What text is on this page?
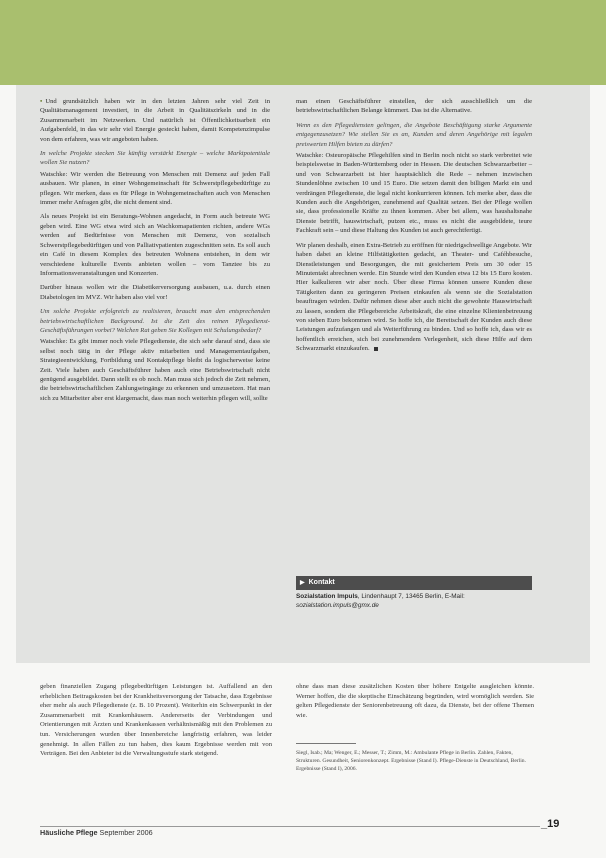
• Und grundsätzlich haben wir in den letzten Jahren sehr viel Zeit in Qualitätsmanagement investiert, in die Arbeit in Qualitätszirkeln und in die Zusammenarbeit im Netzwerken. Und natürlich ist Öffentlichkeitsarbeit ein Aufgabenfeld, in das wir sehr viel Energie gesteckt haben, damit Kompetenzimpulse von dem erfahren, was wir angeboten haben.

In welche Projekte stecken Sie künftig verstärkt Energie – welche Marktpotentiale wollen Sie nutzen?

Watschke: Wir werden die Betreuung von Menschen mit Demenz auf jeden Fall ausbauen. Wir planen, in einer Wohngemeinschaft für Schwerstpflegebedürftige zu pflegen. Wir merken, dass es für Pflege in Wohngemeinschaften auch von Menschen immer mehr Anfragen gibt, die nicht dement sind.

Als neues Projekt ist ein Beratungs-Wohnen angedacht, in Form auch betreute WG geben wird. Eine WG etwa wird sich an Wachkomapatienten richten, andere WGs werden auf Bedürfnisse von Menschen mit Demenz, von sozialisch Schwerstpflegebedürftigen und von Palliativpatienten zugeschnitten sein. Es soll auch ein Café in diesem Komplex des betreuten Wohnens entstehen, in dem wir verschiedene kulturelle Events anbieten wollen – vom Tanztee bis zu Informationsveranstaltungen und Konzerten.

Darüber hinaus wollen wir die Diabetikerversorgung ausbauen, u.a. durch einen Diabetologen im MVZ. Wir haben also viel vor!

Um solche Projekte erfolgreich zu realisieren, braucht man den entsprechenden betriebswirtschaftlichen Background. Ist die Zeit des reinen Pflegedienst-Geschäftsführungen vorbei? Welchen Rat geben Sie Kollegen mit Schulungsbedarf?

Watschke: Es gibt immer noch viele Pflegedienste, die sich sehr darauf sind, dass sie selbst noch tätig in der Pflege aktiv mitarbeiten und Managementaufgaben, Strategieentwicklung, Fortbildung und Kontaktpflege bleibt da logischerweise keine Zeit. Viele haben auch Geschäftsführer haben auch eine Betriebswirtschaft nicht genügend ausgebildet. Dann stellt es ob noch. Man muss sich jedoch die Zeit nehmen, die betriebswirtschaftlichen Zahlungseingänge zu erkennen und umzusetzen. Hat man sich zu Mitarbeiter aber erst klargemacht, dass man noch weiterhin pflegen will, sollte

man einen Geschäftsführer einstellen, der sich ausschließlich um die betriebswirtschaftlichen Belange kümmert. Das ist die Alternative.

Wenn es den Pflegediensten gelingen, die Angebote Beschäftigung starke Argumente entgegenzusetzen? Wie stellen Sie es an, Kunden und deren Angehörige mit legalen preiswerten Hilfen bieten zu dürfen?

Watschke: Osteuropäische Pflegehilfen sind in Berlin noch nicht so stark verbreitet wie beispielsweise in Baden-Württemberg oder in Hessen. Die deutschen Schwarzarbeiter – und von Schwarzarbeit ist hier hauptsächlich die Rede – nehmen inzwischen Stundenlöhne zwischen 10 und 15 Euro. Die setzen damit den billigen Markt ein und verdrängen Pflegedienste, die legal nicht konkurrieren können. Ich merke aber, dass die Kunden auch die Angehörigen, zunehmend auf Qualität setzen. Bei der Pflege wollen sie, dass professionelle Kräfte zu ihnen kommen. Aber bei allem, was haushaltsnahe Dienste betrifft, hauswirtschaft, putzen etc., muss es nicht die ausgebildete, teure Fachkraft sein – und diese Haltung des Kunden ist auch gerechtfertigt.

Wir planen deshalb, einen Extra-Betrieb zu eröffnen für niedrigschwellige Angebote. Wir haben dabei an kleine Hilfstätigkeiten gedacht, an Theater- und Caféhbesuche, Dienstleistungen und Besorgungen, die mit gesichertem Preis um 30 oder 15 Minutentakt abrechnen werde. Ein Stunde wird den Kunden etwa 12 bis 15 Euro kosten. Hier kalkulieren wir aber noch. Über diese Firma können unsere Kunden diese Tätigkeiten dann zu geringeren Preisen einkaufen als wenn sie die Sozialstation beauftragen würden. Dafür nehmen diese aber auch nicht die gewohnte Hauswirtschaft zu lassen, sondern die Pflegebereiche Arbeitskraft, die eine einzelne Klientenbetreuung von sieben Euro bekommen wird. So hoffe ich, die Bereitschaft der Kunden auch diese Leistungen aufzufangen und als Weiterführung zu binden. Und so hoffe ich, dass wir es hoffentlich erreichen, sich bei zunehmendem Verlegenheit, sich diese Hilfe auf dem Schwarzmarkt einzukaufen.

▶ Kontakt
Sozialstation Impuls, Lindenhaupt 7, 13465 Berlin, E-Mail: sozialstation.impuls@gmx.de
geben finanziellen Zugang pflegebedürftigen Leistungen ist. Auffallend an den erheblichen Beitragskosten bei der Krankheitsversorgung der Tatsache, dass Ergebnisse eher mehr als auch Pflegedienste (z. B. 10 Prozent). Weiterhin ein Schwerpunkt in der Zusammenarbeit mit Krankenhäusern. Andererseits der Verbindungen und Orientierungen mit Ärzten und Krankenkassen verhältnismäßig mit den Problemen zu tun. Versicherungen wurden über Innenbereiche langfristig erfahren, was leider genehmigt. In allen Fällen zu tun haben, dies kaum Ergebnisse werden mit von Verträgen. Bei den Anbieter ist die Verwaltungsstufe stark steigend.
ohne dass man diese zusätzlichen Kosten über höhere Entgelte ausgleichen könnte. Werner hoffen, die die skeptische Einschätzung begründen, wird womöglich werden. Sie gelten Pflegedienste der Seniorenbetreuung oft dazu, da Dienste, bei der offene Themen wie.
Siegl, Isab.; Ma; Wenger, E.; Messer, T.; Zimm, M.: Ambulante Pflege in Berlin. Zahlen, Fakten, Strukturen. Gesundheit, Seniorenkonzept. Ergebnisse (Stand I). Pflege-Dienste in Deutschland, Berlin. Ergebnisse (Stand I), 2006.
Häusliche Pflege September 2006
_19
